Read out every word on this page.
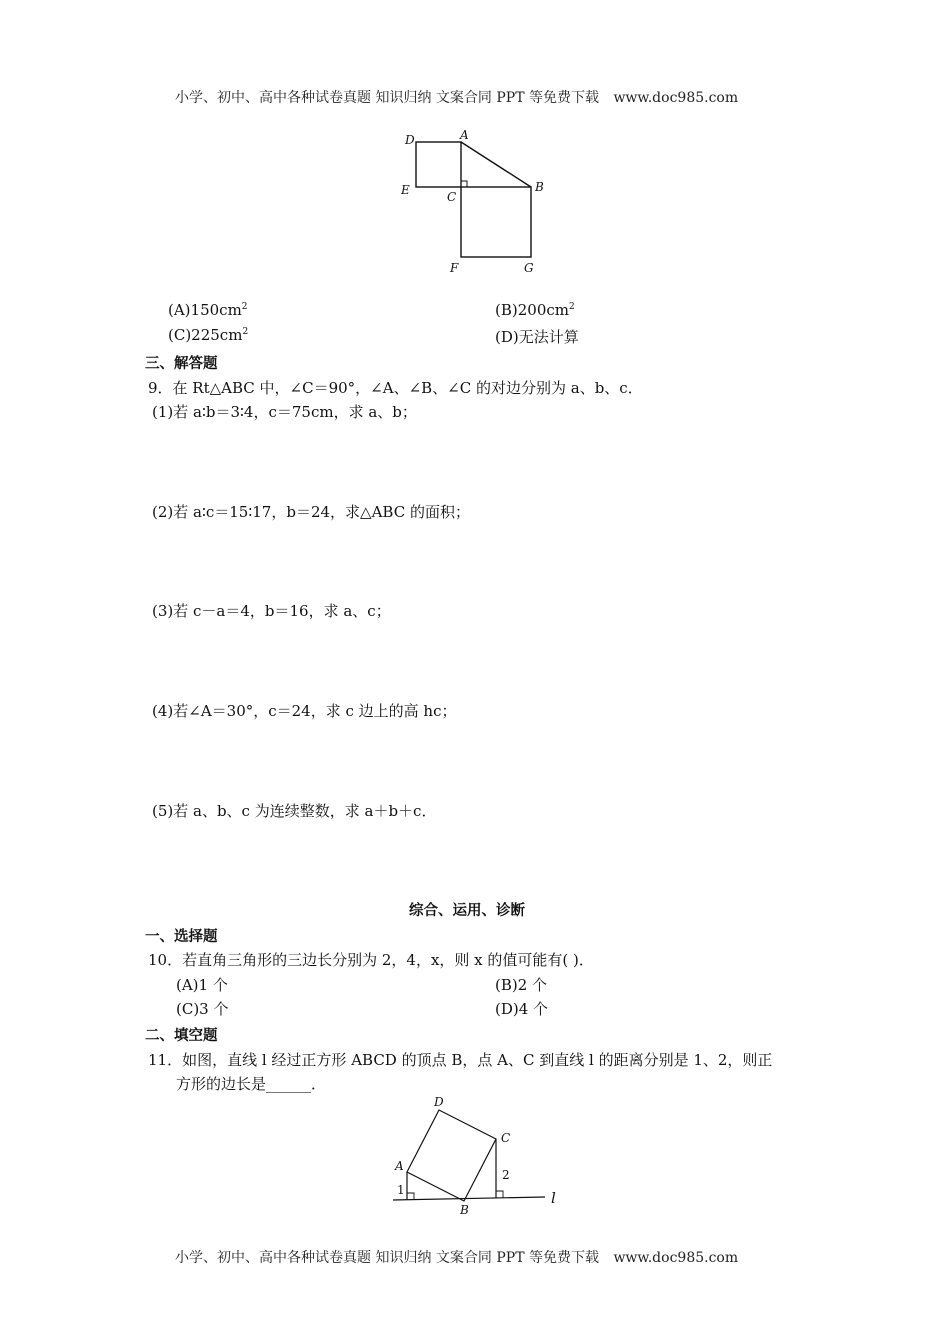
小学、初中、高中各种试卷真题 知识归纳 文案合同 PPT 等免费下载 www.doc985.com
D	A
E	C
B
F	G
$(A)150cm^2$	$(B)200cm^2$
$(C)225cm^2$	(D)无法计算
三、解答题
9．在 Rt△ABC 中，∠C＝90°，∠A、∠B、∠C 的对边分别为 a、b、c．
(1)若 a∶b＝3∶4，c＝75cm，求 a、b；
(2)若 a∶c＝15∶17，b＝24，求△ABC 的面积；
(3)若 c－a＝4，b＝16，求 a、c；
(4)若∠A＝30°，c＝24，求 c 边上的高 hc；
(5)若 a、b、c 为连续整数，求 a＋b＋c．
综合、运用、诊断
一、选择题
10．若直角三角形的三边长分别为 2，4，x，则 x 的值可能有( )．
(A)1 个	(B)2 个
(C)3 个	(D)4 个
二、填空题
11．如图，直线 l 经过正方形 ABCD 的顶点 B，点 A、C 到直线 l 的距离分别是 1、2，则正
方形的边长是______．
D
C
A
B
l
1
2
小学、初中、高中各种试卷真题 知识归纳 文案合同 PPT 等免费下载 www.doc985.com
